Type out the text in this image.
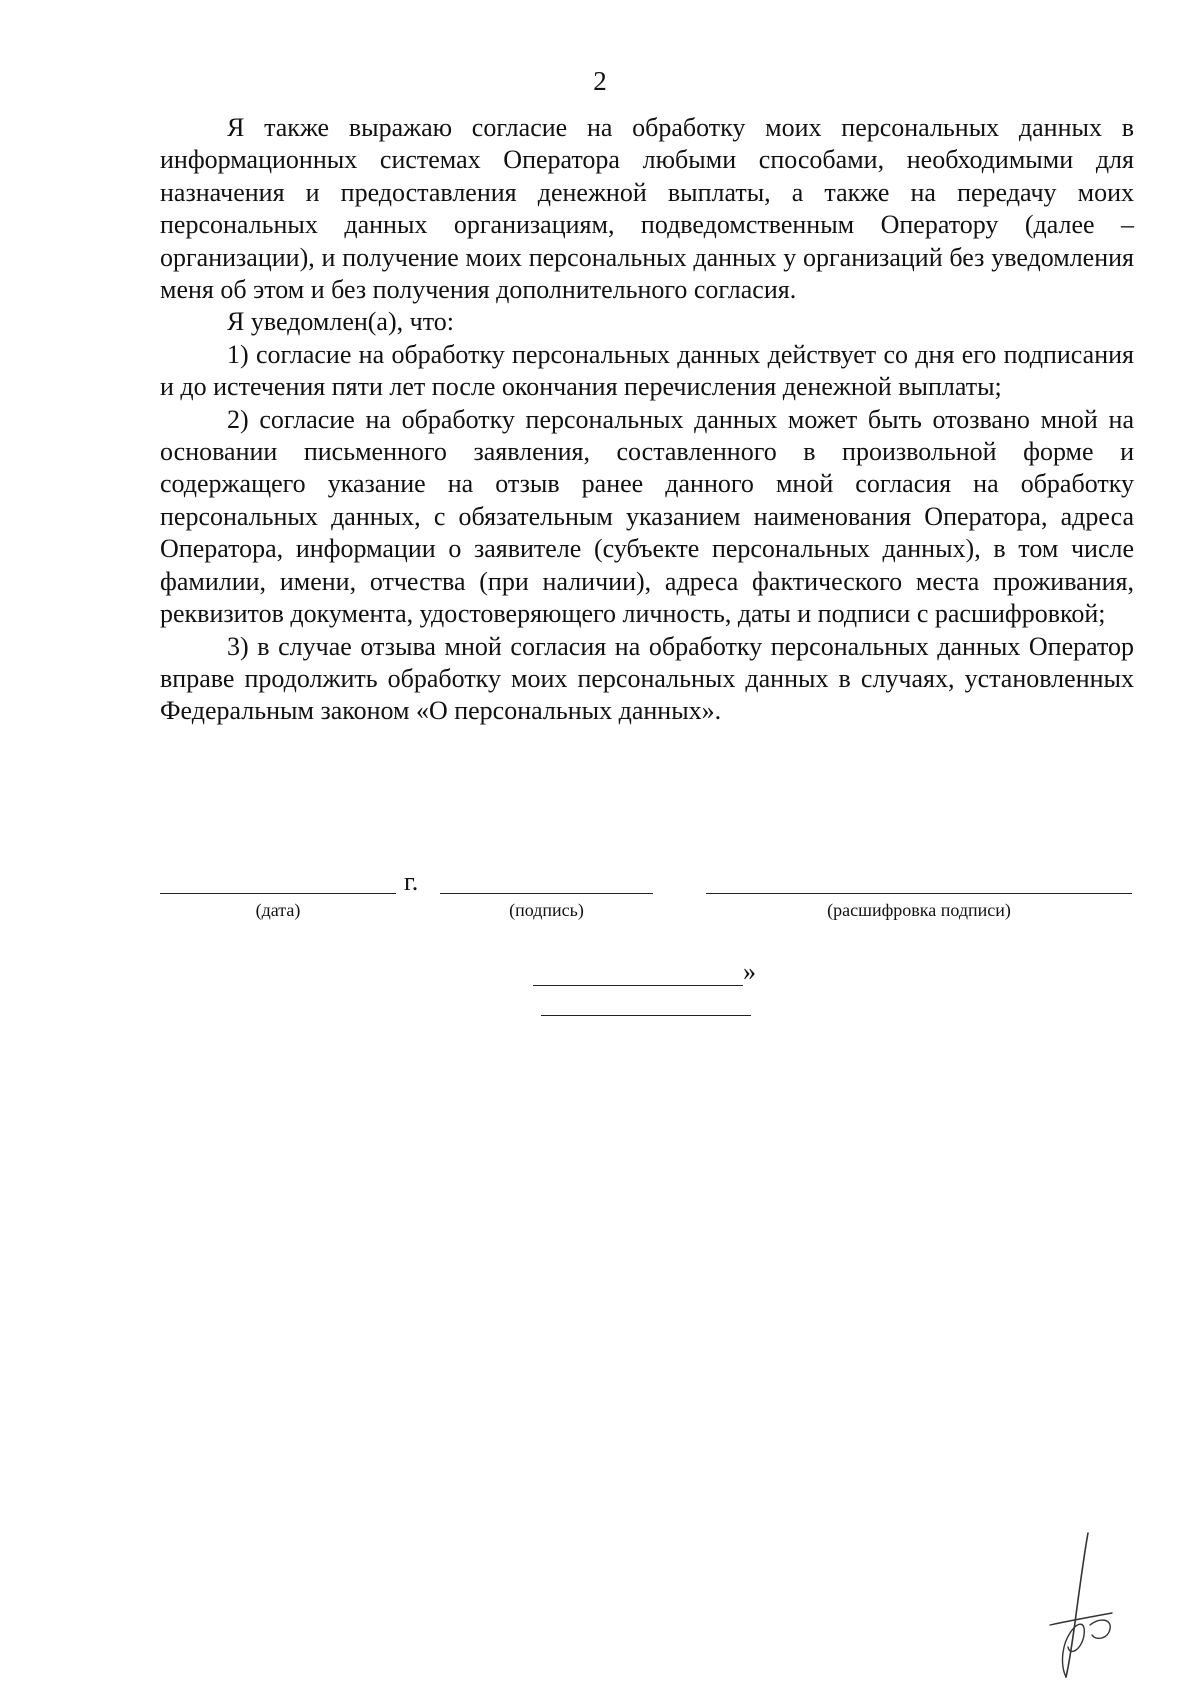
2

Я также выражаю согласие на обработку моих персональных данных в информационных системах Оператора любыми способами, необходимыми для назначения и предоставления денежной выплаты, а также на передачу моих персональных данных организациям, подведомственным Оператору (далее – организации), и получение моих персональных данных у организаций без уведомления меня об этом и без получения дополнительного согласия.

Я уведомлен(а), что:

1) согласие на обработку персональных данных действует со дня его подписания и до истечения пяти лет после окончания перечисления денежной выплаты;

2) согласие на обработку персональных данных может быть отозвано мной на основании письменного заявления, составленного в произвольной форме и содержащего указание на отзыв ранее данного мной согласия на обработку персональных данных, с обязательным указанием наименования Оператора, адреса Оператора, информации о заявителе (субъекте персональных данных), в том числе фамилии, имени, отчества (при наличии), адреса фактического места проживания, реквизитов документа, удостоверяющего личность, даты и подписи с расшифровкой;

3) в случае отзыва мной согласия на обработку персональных данных Оператор вправе продолжить обработку моих персональных данных в случаях, установленных Федеральным законом «О персональных данных».

г.
(дата)	(подпись)	(расшифровка подписи)
»
